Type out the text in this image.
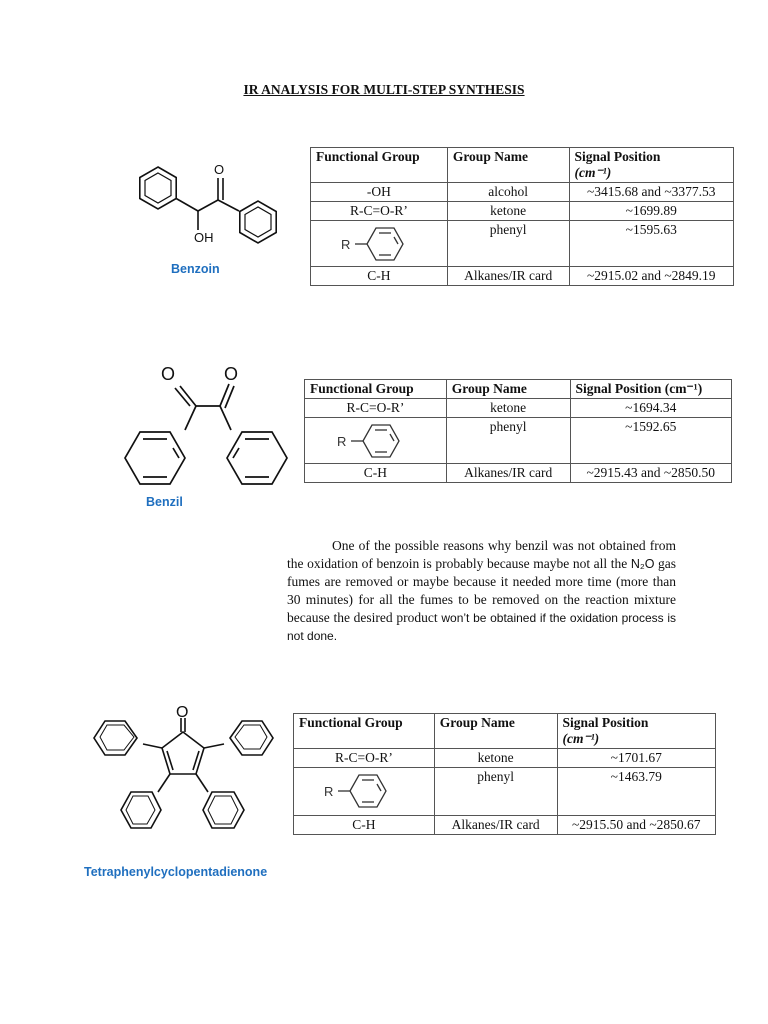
IR ANALYSIS FOR MULTI-STEP SYNTHESIS
O
OH
Benzoin
Functional Group	Group Name	Signal Position
(cm⁻¹)
-OH	alcohol	~3415.68 and ~3377.53
R-C=O-R’	ketone	~1699.89

R	phenyl	~1595.63
C-H	Alkanes/IR card	~2915.02 and ~2849.19
O	O
Benzil
Functional Group	Group Name	Signal Position (cm⁻¹)
R-C=O-R’	ketone	~1694.34

R	phenyl	~1592.65
C-H	Alkanes/IR card	~2915.43 and ~2850.50
One of the possible reasons why benzil was not obtained from the oxidation of benzoin is probably because maybe not all the N₂O gas fumes are removed or maybe because it needed more time (more than 30 minutes) for all the fumes to be removed on the reaction mixture because the desired product won’t be obtained if the oxidation process is not done.
O
Tetraphenylcyclopentadienone
Functional Group	Group Name	Signal Position
(cm⁻¹)
R-C=O-R’	ketone	~1701.67

R	phenyl	~1463.79
C-H	Alkanes/IR card	~2915.50 and ~2850.67
